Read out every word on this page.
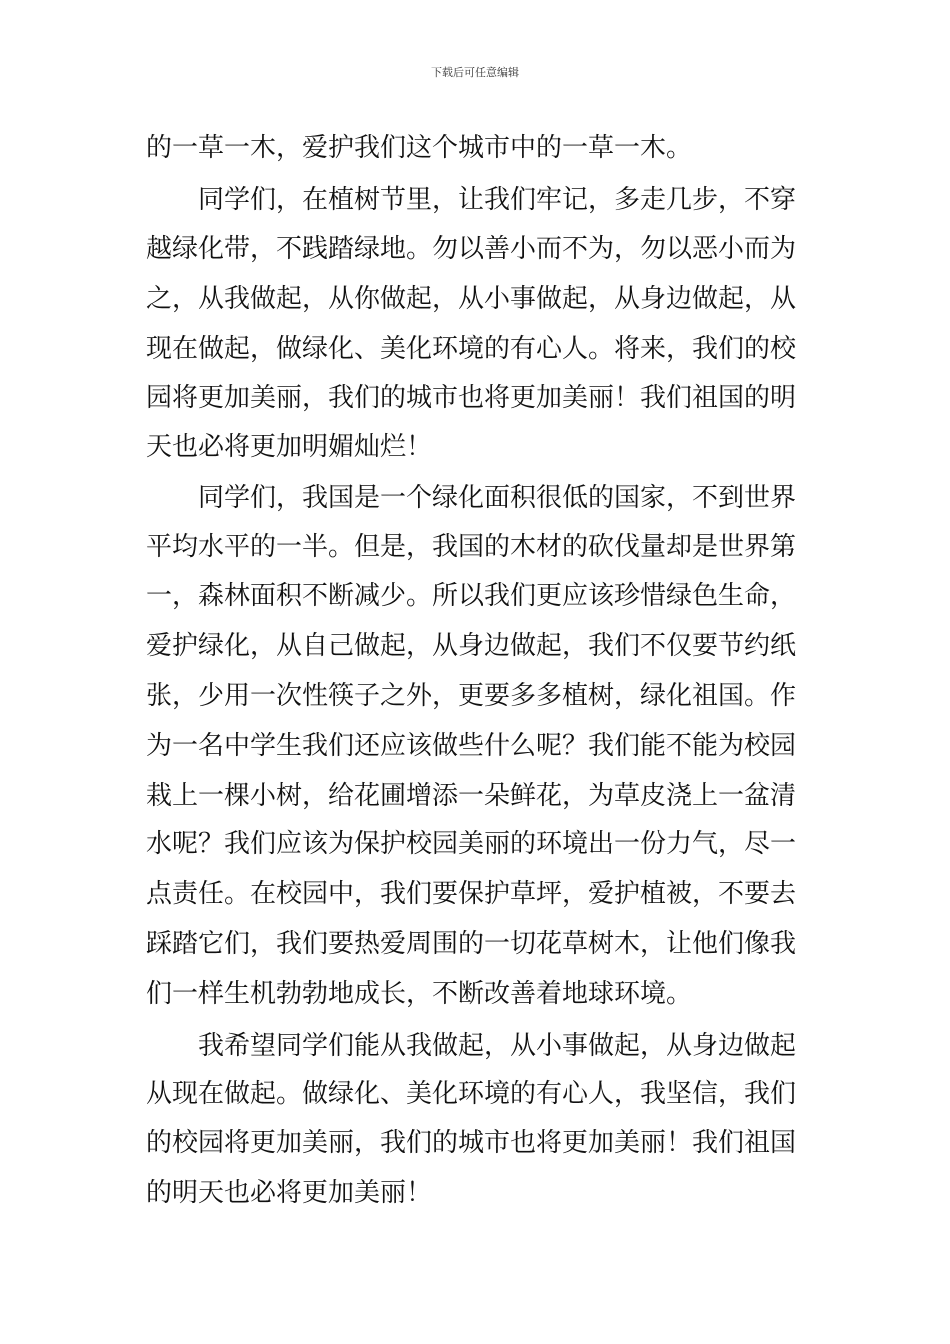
下载后可任意编辑
的一草一木，爱护我们这个城市中的一草一木。
同学们，在植树节里，让我们牢记，多走几步，不穿
越绿化带，不践踏绿地。勿以善小而不为，勿以恶小而为
之，从我做起，从你做起，从小事做起，从身边做起，从
现在做起，做绿化、美化环境的有心人。将来，我们的校
园将更加美丽，我们的城市也将更加美丽！我们祖国的明
天也必将更加明媚灿烂！
同学们，我国是一个绿化面积很低的国家，不到世界
平均水平的一半。但是，我国的木材的砍伐量却是世界第
一，森林面积不断减少。所以我们更应该珍惜绿色生命，
爱护绿化，从自己做起，从身边做起，我们不仅要节约纸
张，少用一次性筷子之外，更要多多植树，绿化祖国。作
为一名中学生我们还应该做些什么呢？我们能不能为校园
栽上一棵小树，给花圃增添一朵鲜花，为草皮浇上一盆清
水呢？我们应该为保护校园美丽的环境出一份力气，尽一
点责任。在校园中，我们要保护草坪，爱护植被，不要去
踩踏它们，我们要热爱周围的一切花草树木，让他们像我
们一样生机勃勃地成长，不断改善着地球环境。
我希望同学们能从我做起，从小事做起，从身边做起
从现在做起。做绿化、美化环境的有心人，我坚信，我们
的校园将更加美丽，我们的城市也将更加美丽！我们祖国
的明天也必将更加美丽！
